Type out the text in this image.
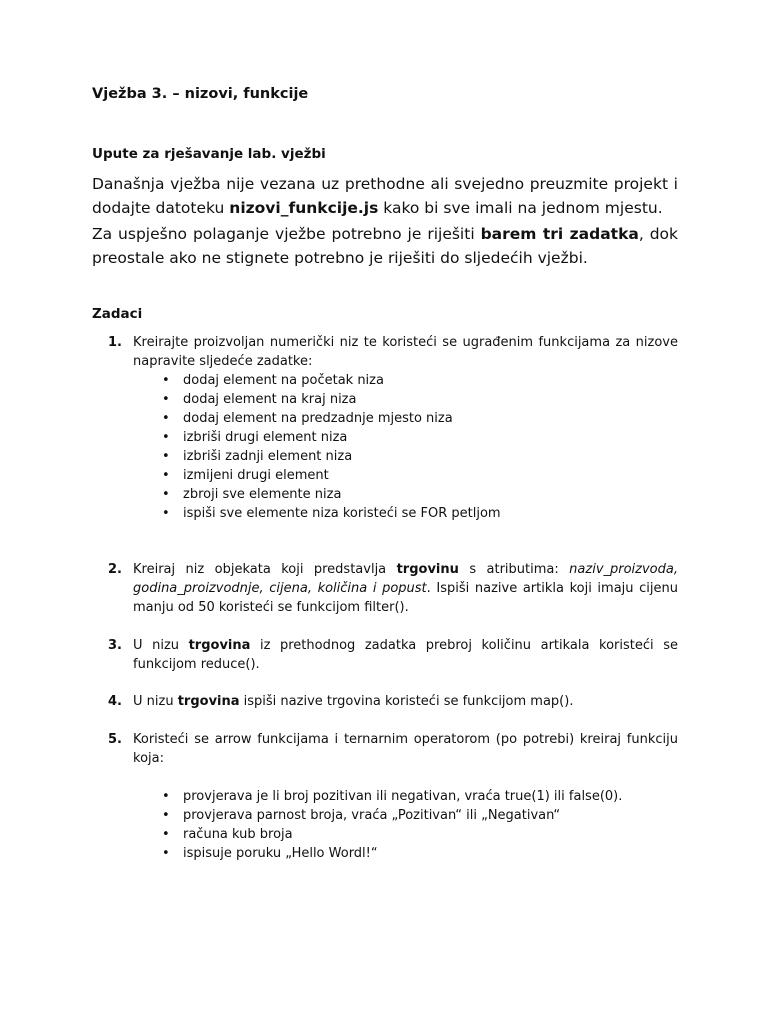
Vježba 3. – nizovi, funkcije
Upute za rješavanje lab. vježbi
Današnja vježba nije vezana uz prethodne ali svejedno preuzmite projekt i dodajte datoteku nizovi_funkcije.js kako bi sve imali na jednom mjestu.
Za uspješno polaganje vježbe potrebno je riješiti barem tri zadatka, dok preostale ako ne stignete potrebno je riješiti do sljedećih vježbi.
Zadaci
1. Kreirajte proizvoljan numerički niz te koristeći se ugrađenim funkcijama za nizove napravite sljedeće zadatke:
• dodaj element na početak niza
• dodaj element na kraj niza
• dodaj element na predzadnje mjesto niza
• izbriši drugi element niza
• izbriši zadnji element niza
• izmijeni drugi element
• zbroji sve elemente niza
• ispiši sve elemente niza koristeći se FOR petljom
2. Kreiraj niz objekata koji predstavlja trgovinu s atributima: naziv_proizvoda, godina_proizvodnje, cijena, količina i popust. Ispiši nazive artikla koji imaju cijenu manju od 50 koristeći se funkcijom filter().
3. U nizu trgovina iz prethodnog zadatka prebroj količinu artikala koristeći se funkcijom reduce().
4. U nizu trgovina ispiši nazive trgovina koristeći se funkcijom map().
5. Koristeći se arrow funkcijama i ternarnim operatorom (po potrebi) kreiraj funkciju koja:
• provjerava je li broj pozitivan ili negativan, vraća true(1) ili false(0).
• provjerava parnost broja, vraća „Pozitivan“ ili „Negativan“
• računa kub broja
• ispisuje poruku „Hello Wordl!“
